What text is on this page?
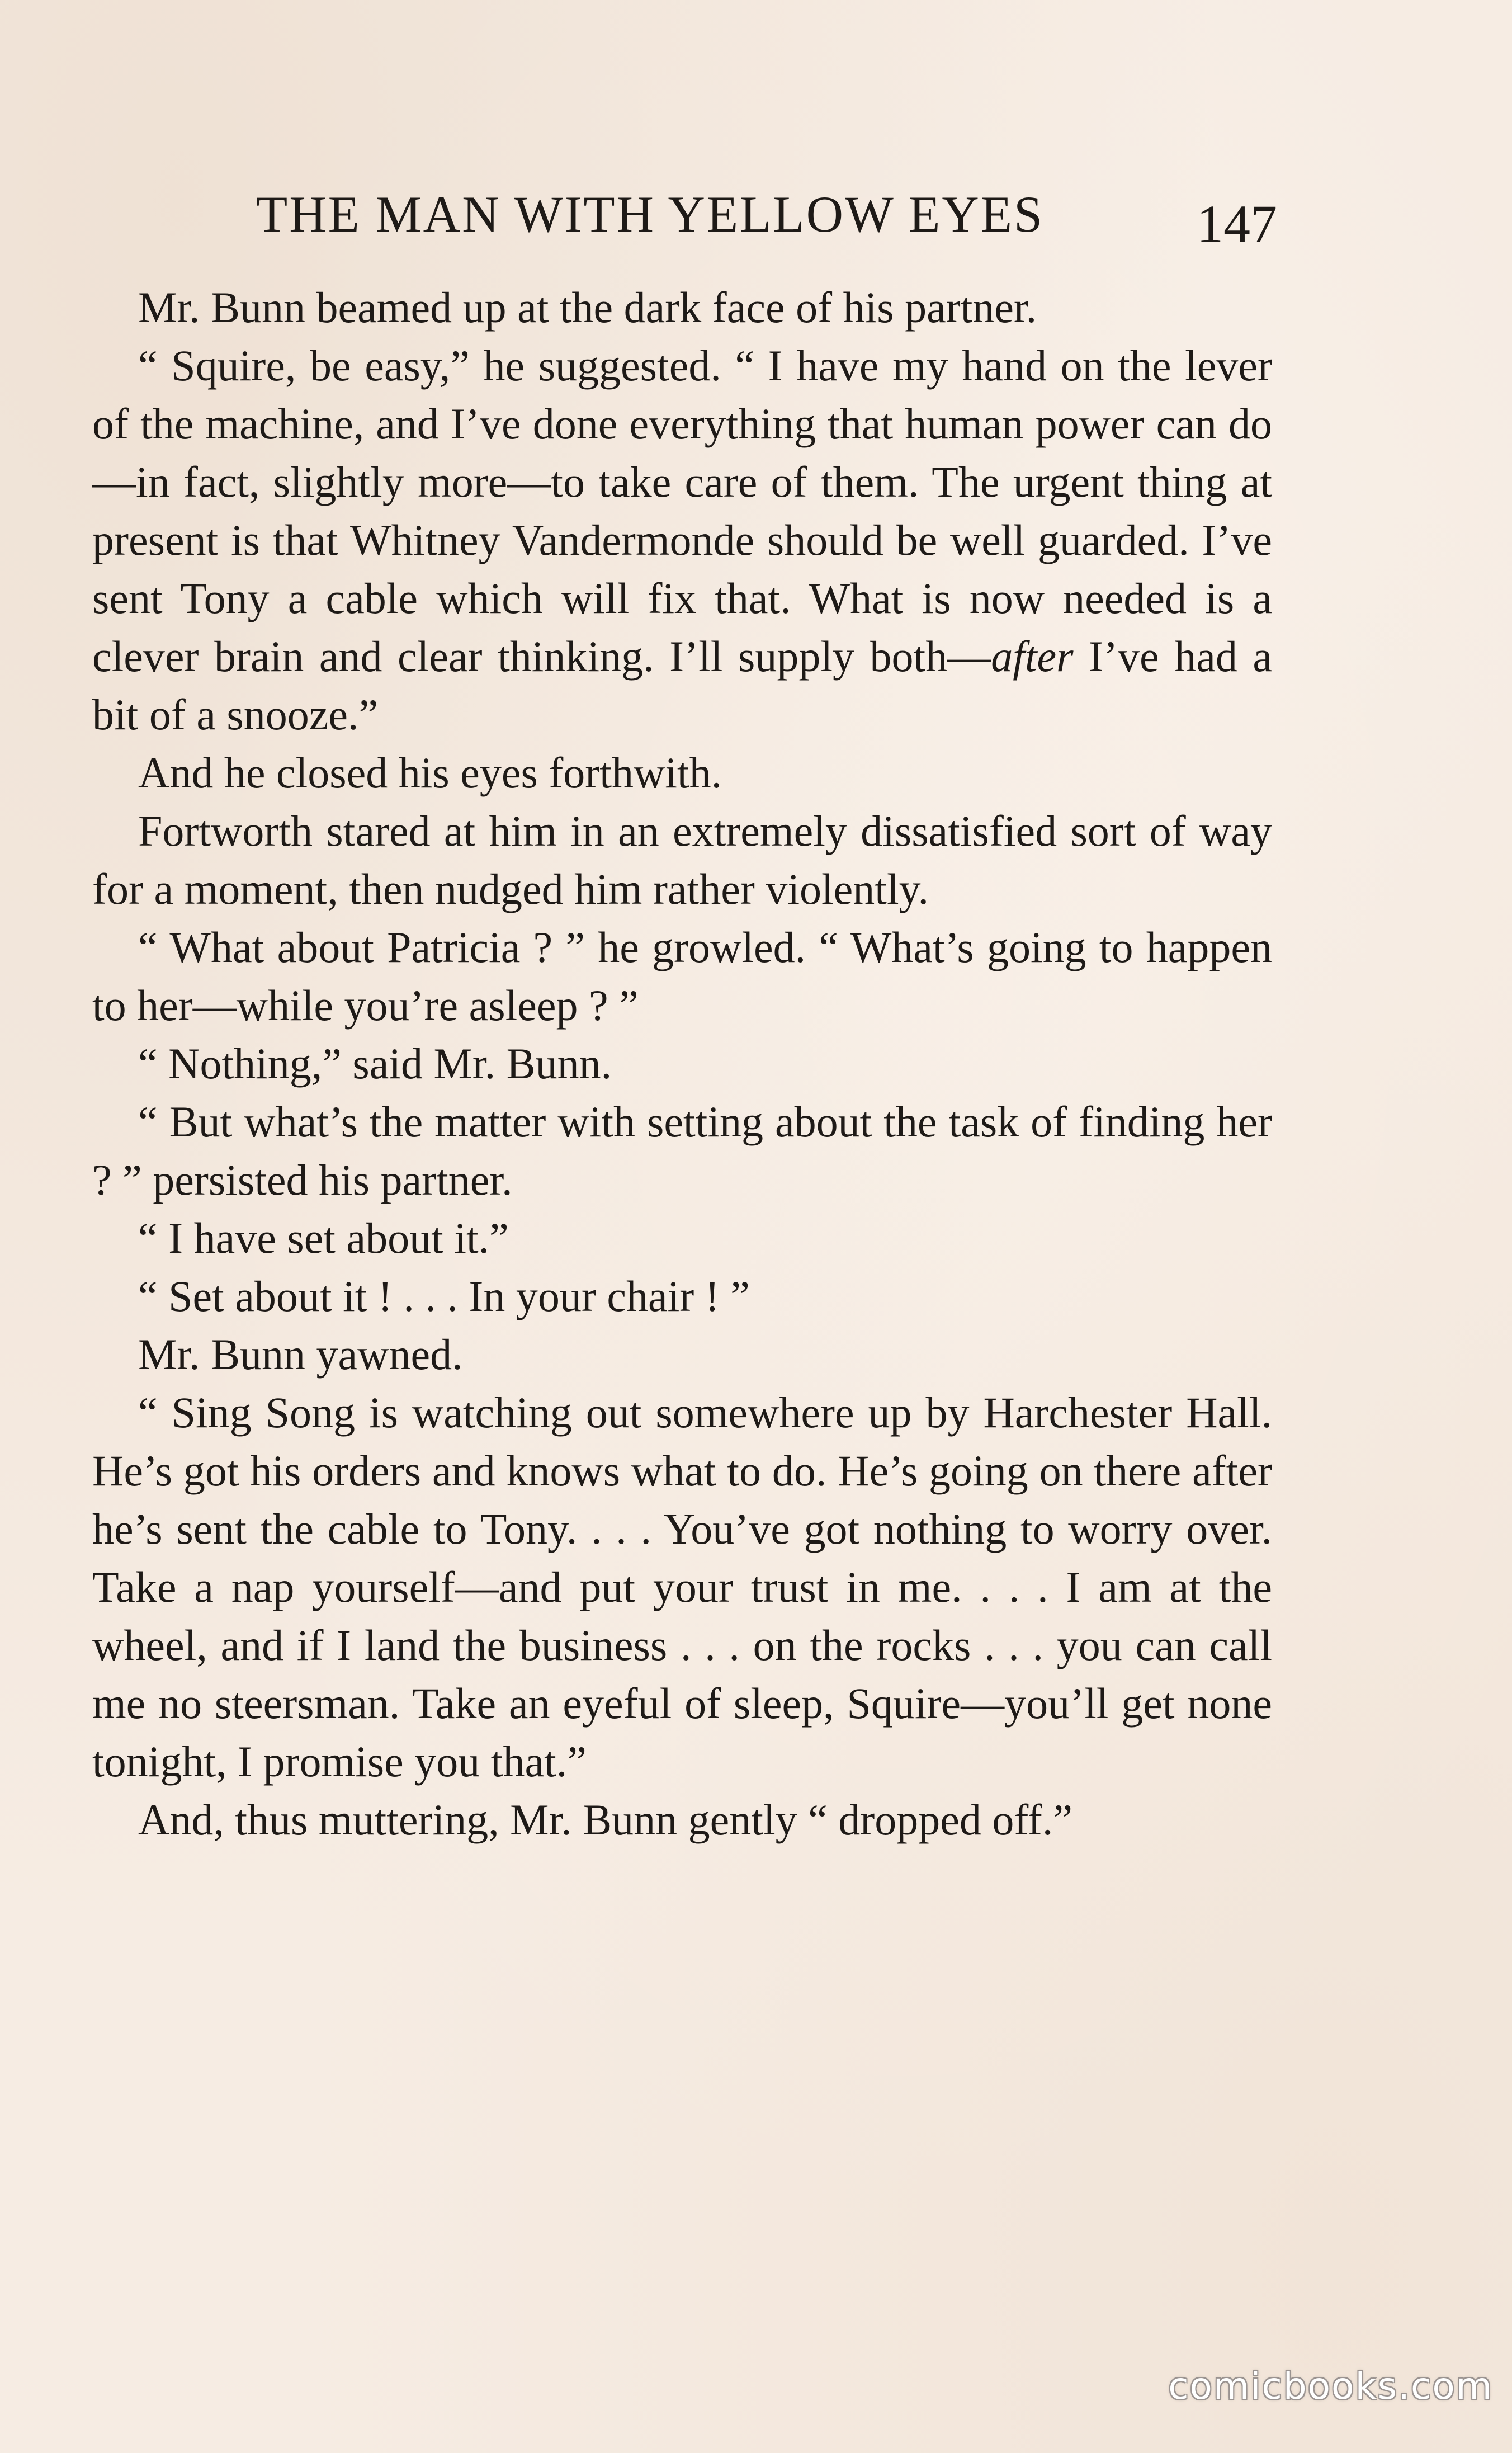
THE MAN WITH YELLOW EYES	147

Mr. Bunn beamed up at the dark face of his partner.

“ Squire, be easy,” he suggested. “ I have my hand on the lever of the machine, and I’ve done everything that human power can do—in fact, slightly more—to take care of them. The urgent thing at present is that Whitney Vandermonde should be well guarded. I’ve sent Tony a cable which will fix that. What is now needed is a clever brain and clear thinking. I’ll supply both—after I’ve had a bit of a snooze.”

And he closed his eyes forthwith.

Fortworth stared at him in an extremely dissatisfied sort of way for a moment, then nudged him rather violently.

“ What about Patricia ? ” he growled. “ What’s going to happen to her—while you’re asleep ? ”

“ Nothing,” said Mr. Bunn.

“ But what’s the matter with setting about the task of finding her ? ” persisted his partner.

“ I have set about it.”

“ Set about it ! . . . In your chair ! ”

Mr. Bunn yawned.

“ Sing Song is watching out somewhere up by Harchester Hall. He’s got his orders and knows what to do. He’s going on there after he’s sent the cable to Tony. . . . You’ve got nothing to worry over. Take a nap yourself—and put your trust in me. . . . I am at the wheel, and if I land the business . . . on the rocks . . . you can call me no steersman. Take an eyeful of sleep, Squire—you’ll get none tonight, I promise you that.”

And, thus muttering, Mr. Bunn gently “ dropped off.”

comicbooks.com
